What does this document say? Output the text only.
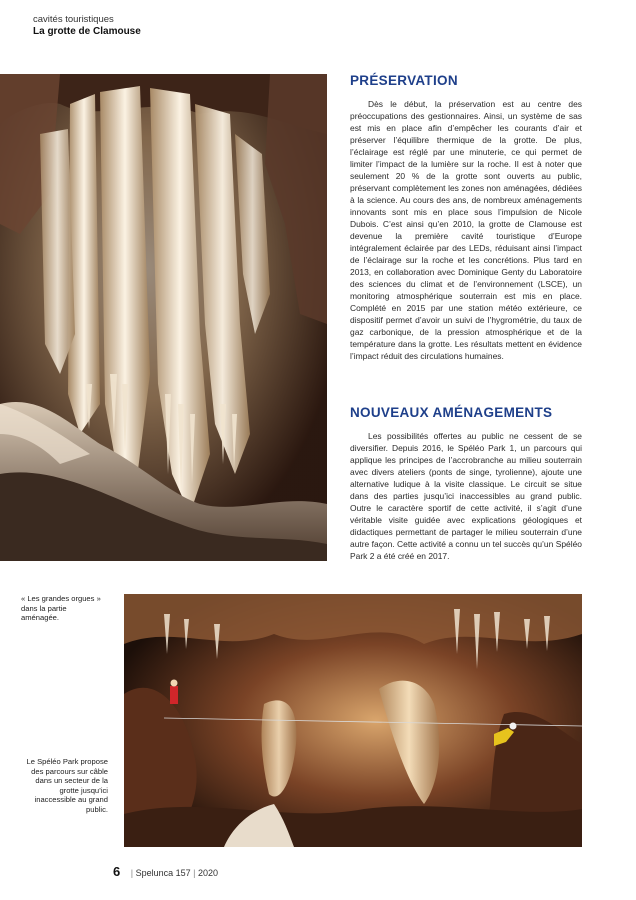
cavités touristiques
La grotte de Clamouse
PRÉSERVATION

Dès le début, la préservation est au centre des préoccupations des gestionnaires. Ainsi, un système de sas est mis en place afin d’empêcher les courants d’air et préserver l’équilibre thermique de la grotte. De plus, l’éclairage est réglé par une minuterie, ce qui permet de limiter l’impact de la lumière sur la roche. Il est à noter que seulement 20 % de la grotte sont ouverts au public, préservant complètement les zones non aménagées, dédiées à la science. Au cours des ans, de nombreux aménagements innovants sont mis en place sous l’impulsion de Nicole Dubois. C’est ainsi qu’en 2010, la grotte de Clamouse est devenue la première cavité touristique d’Europe intégralement éclairée par des LEDs, réduisant ainsi l’impact de l’éclairage sur la roche et les concrétions. Plus tard en 2013, en collaboration avec Dominique Genty du Laboratoire des sciences du climat et de l’environnement (LSCE), un monitoring atmosphérique souterrain est mis en place. Complété en 2015 par une station météo extérieure, ce dispositif permet d’avoir un suivi de l’hygrométrie, du taux de gaz carbonique, de la pression atmosphérique et de la température dans la grotte. Les résultats mettent en évidence l’impact réduit des circulations humaines.

NOUVEAUX AMÉNAGEMENTS

Les possibilités offertes au public ne cessent de se diversifier. Depuis 2016, le Spéléo Park 1, un parcours qui applique les principes de l’accrobranche au milieu souterrain avec divers ateliers (ponts de singe, tyrolienne), ajoute une alternative ludique à la visite classique. Le circuit se situe dans des parties jusqu’ici inaccessibles au grand public. Outre le caractère sportif de cette activité, il s’agit d’une véritable visite guidée avec explications géologiques et didactiques permettant de partager le milieu souterrain d’une autre façon. Cette activité a connu un tel succès qu’un Spéléo Park 2 a été créé en 2017.

« Les grandes orgues » dans la partie aménagée.
Le Spéléo Park propose des parcours sur câble dans un secteur de la grotte jusqu’ici inaccessible au grand public.
6 | Spelunca 157 | 2020
